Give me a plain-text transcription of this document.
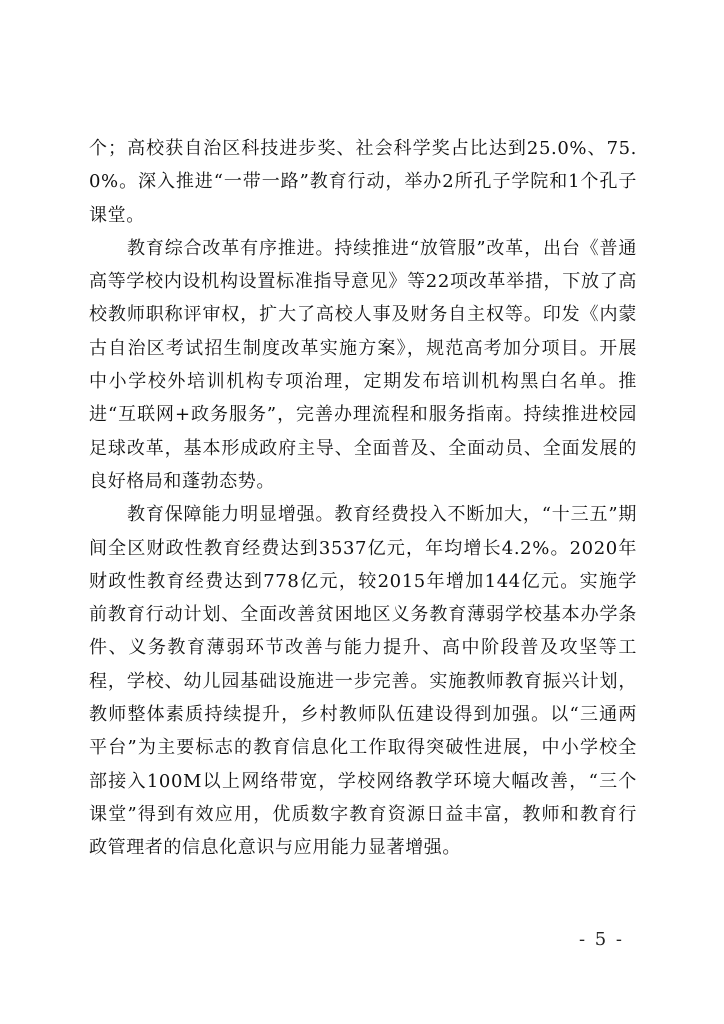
个；高校获自治区科技进步奖、社会科学奖占比达到25.0%、75.0%。深入推进“一带一路”教育行动，举办2所孔子学院和1个孔子课堂。

教育综合改革有序推进。持续推进“放管服”改革，出台《普通高等学校内设机构设置标准指导意见》等22项改革举措，下放了高校教师职称评审权，扩大了高校人事及财务自主权等。印发《内蒙古自治区考试招生制度改革实施方案》，规范高考加分项目。开展中小学校外培训机构专项治理，定期发布培训机构黑白名单。推进“互联网+政务服务”，完善办理流程和服务指南。持续推进校园足球改革，基本形成政府主导、全面普及、全面动员、全面发展的良好格局和蓬勃态势。

教育保障能力明显增强。教育经费投入不断加大，“十三五”期间全区财政性教育经费达到3537亿元，年均增长4.2%。2020年财政性教育经费达到778亿元，较2015年增加144亿元。实施学前教育行动计划、全面改善贫困地区义务教育薄弱学校基本办学条件、义务教育薄弱环节改善与能力提升、高中阶段普及攻坚等工程，学校、幼儿园基础设施进一步完善。实施教师教育振兴计划，教师整体素质持续提升，乡村教师队伍建设得到加强。以“三通两平台”为主要标志的教育信息化工作取得突破性进展，中小学校全部接入100M以上网络带宽，学校网络教学环境大幅改善，“三个课堂”得到有效应用，优质数字教育资源日益丰富，教师和教育行政管理者的信息化意识与应用能力显著增强。

- 5 -
